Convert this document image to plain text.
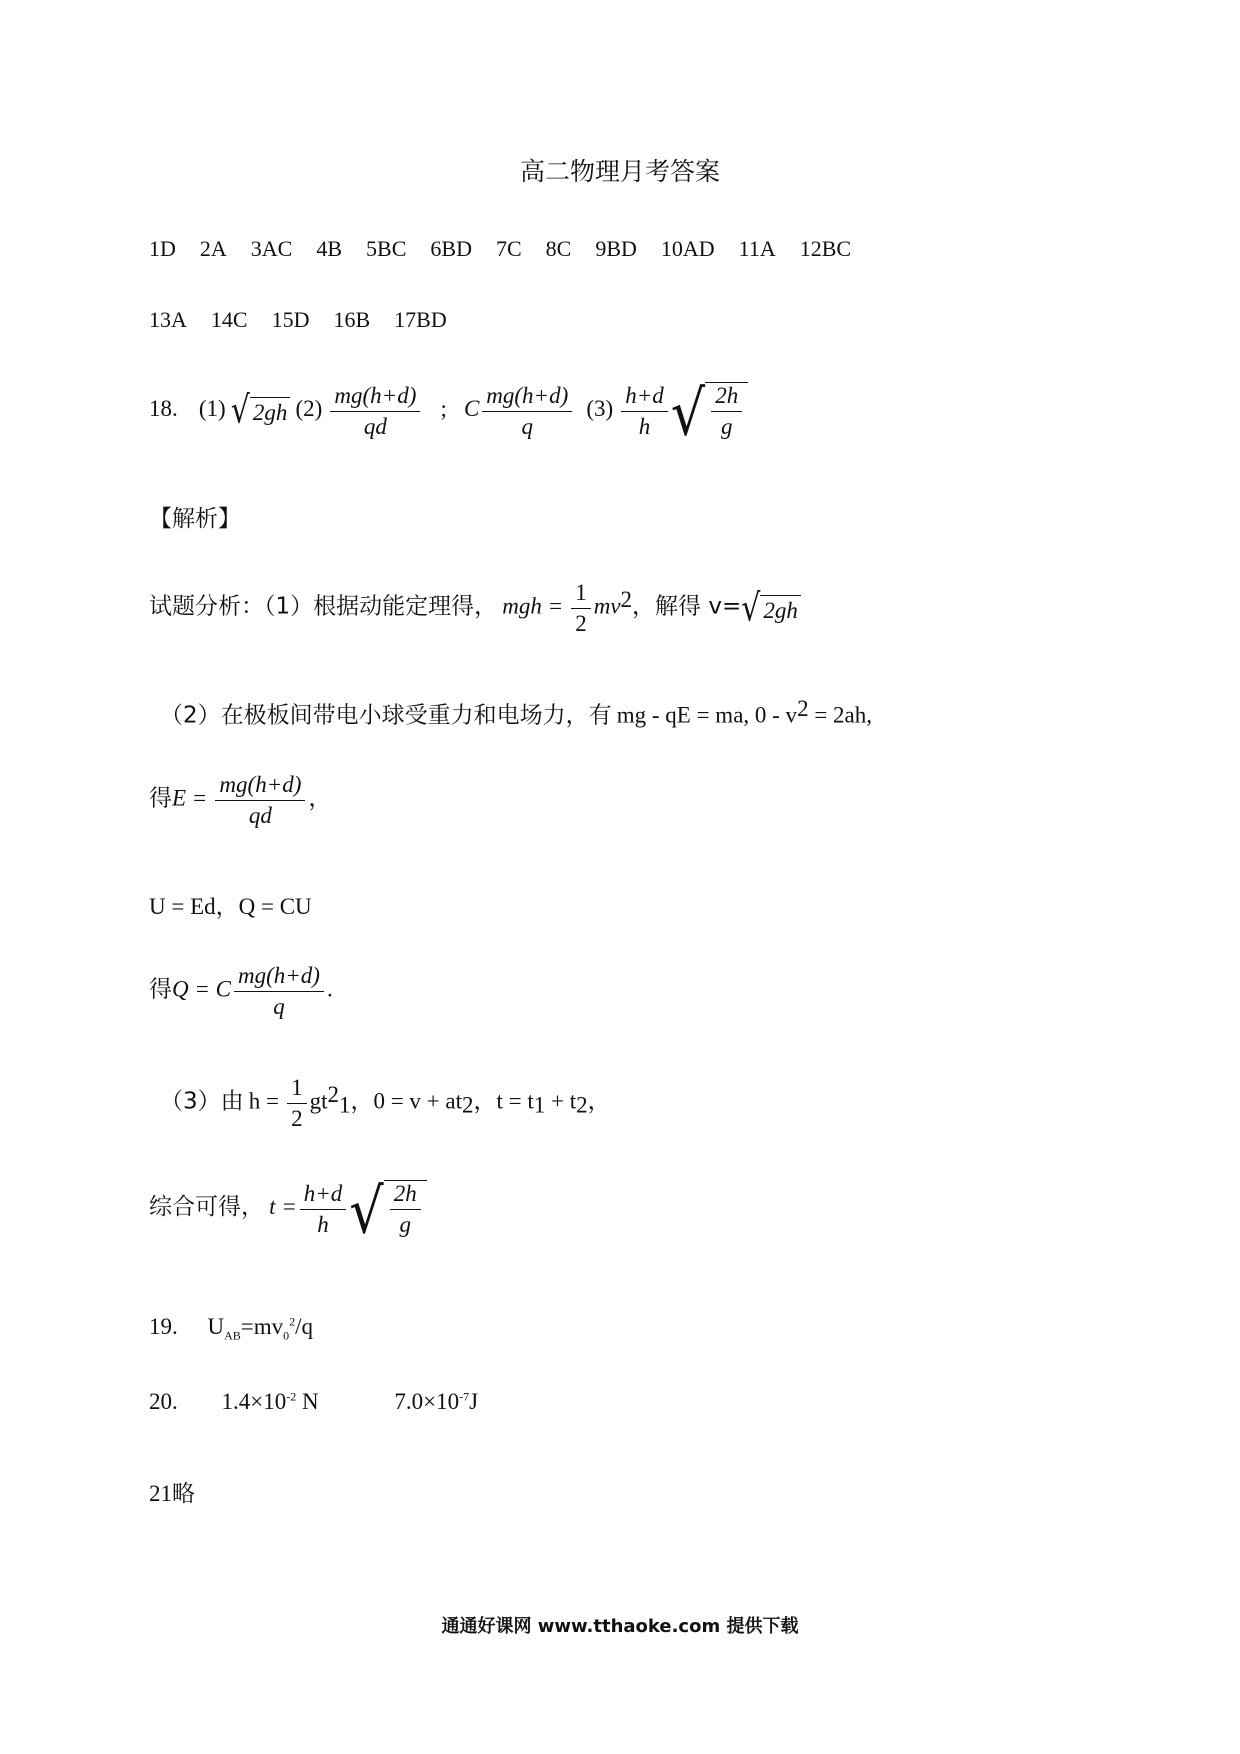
高二物理月考答案
1D 2A 3AC 4B 5BC 6BD 7C 8C 9BD 10AD 11A 12BC
13A 14C 15D 16B 17BD
18. (1) √ 2gh $(2) \frac{mg(h+d)}{qd}$ ; C $\frac{mg(h+d)}{q} (3) \frac{h+d}{h}$ √ $\frac{2h}{g}$
【解析】
试题分析：（1）根据动能定理得， mgh = $\frac{1}{2} mv^2$，解得 v= √ 2gh
（2）在极板间带电小球受重力和电场力，有 mg - qE = ma, $0 - v^2 = 2ah$,
得$E = \frac{mg(h+d)}{qd}$ ，
U = Ed，Q = CU
得Q = C $\frac{mg(h+d)}{q}$ .
（3）由 $h = \frac{1}{2} gt^2_1$，$0 = v + at_2$，$t = t_1 + t_2$，
综合可得， $t = \frac{h+d}{h}$ √ $\frac{2h}{g}$
19. $U_{AB}=mv_0^2/q$
20. $1.4\times 10^{-2}$ N	$7.0\times 10^{-7}J$
21略
通通好课网 www.tthaoke.com 提供下载
